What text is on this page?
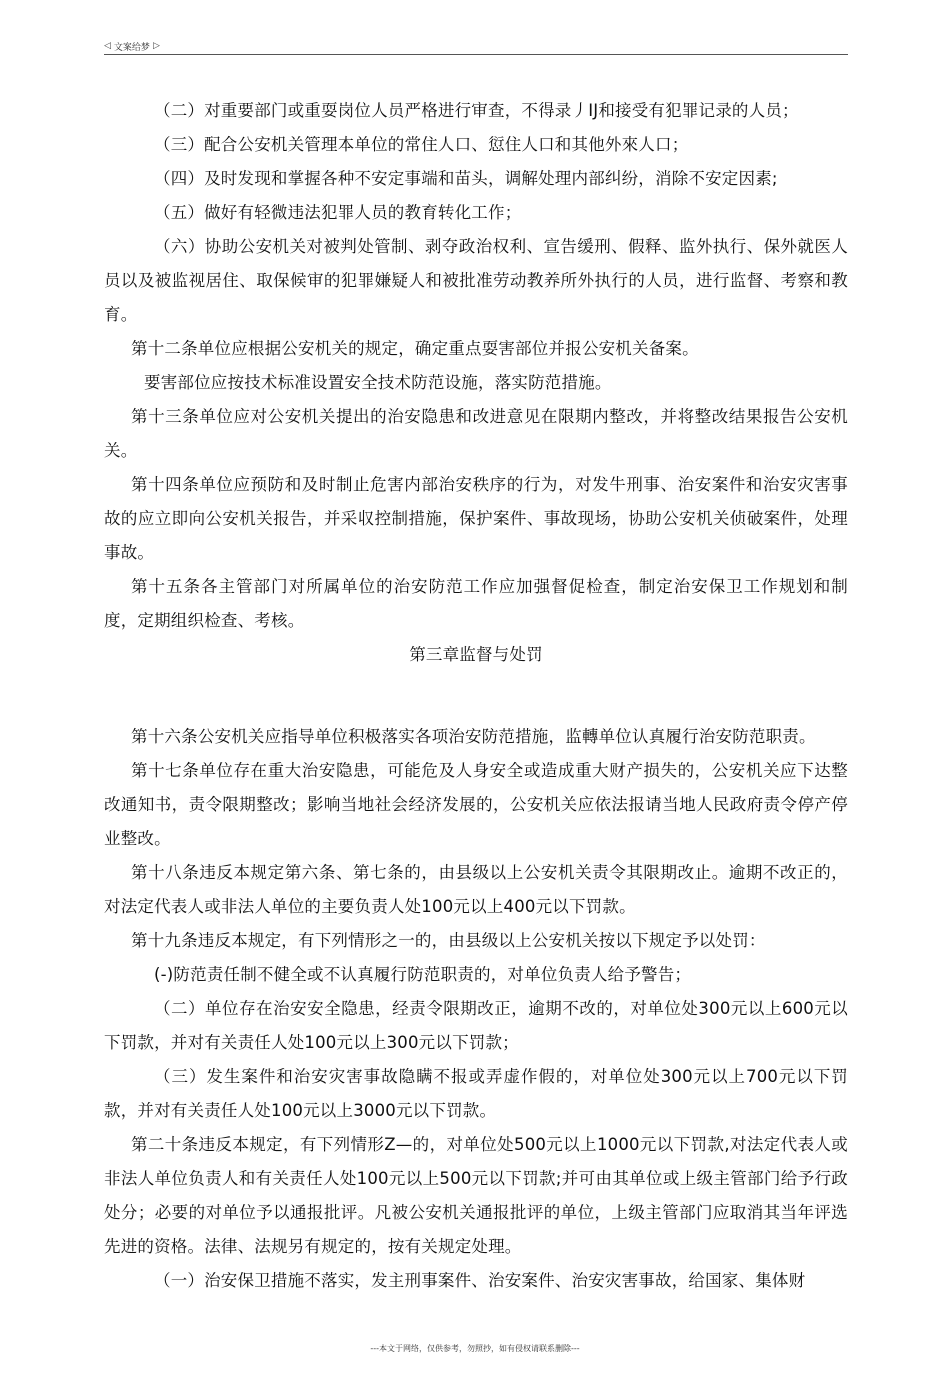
◁ 文案给梦 ▷

（二）对重要部门或重耍岗位人员严格进行审查，不得录丿IJ和接受有犯罪记录的人员；

（三）配合公安机关管理本单位的常住人口、愆住人口和其他外來人口；

（四）及时发现和掌握各种不安定事端和苗头，调解处理内部纠纷，消除不安定因素;

（五）做好有轻微违法犯罪人员的教育转化工作；

（六）协助公安机关对被判处管制、剥夺政治权利、宣告缓刑、假释、监外执行、保外就医人员以及被监视居住、取保候审的犯罪嫌疑人和被批准劳动教养所外执行的人员，进行监督、考察和教育。

第十二条单位应根据公安机关的规定，确定重点耍害部位并报公安机关备案。

要害部位应按技术标准设置安全技术防范设施，落实防范措施。

第十三条单位应对公安机关提出的治安隐患和改进意见在限期内整改，并将整改结果报告公安机关。

第十四条单位应预防和及时制止危害内部治安秩序的行为，对发牛刑事、治安案件和治安灾害事故的应立即向公安机关报告，并采収控制措施，保护案件、事故现场，协助公安机关侦破案件，处理事故。

第十五条各主管部门对所属单位的治安防范工作应加强督促检查，制定治安保卫工作规划和制度，定期组织检查、考核。

第三章监督与处罚

第十六条公安机关应指导单位积极落实各项治安防范措施，监轉单位认真履行治安防范职责。

第十七条单位存在重大治安隐患，可能危及人身安全或造成重大财产损失的，公安机关应下达整改通知书，责令限期整改；影响当地社会经济发展的，公安机关应依法报请当地人民政府责令停产停业整改。

第十八条违反本规定第六条、第七条的，由县级以上公安机关责令其限期改止。逾期不改正的，对法定代表人或非法人单位的主要负责人处100元以上400元以下罚款。

第十九条违反本规定，有下列情形之一的，由县级以上公安机关按以下规定予以处罚：

(-)防范责任制不健全或不认真履行防范职责的，对单位负责人给予警告；

（二）单位存在治安安全隐患，经责令限期改正，逾期不改的，对单位处300元以上600元以下罚款，并对有关责任人处100元以上300元以下罚款；

（三）发生案件和治安灾害事故隐瞒不报或弄虚作假的，对单位处300元以上700元以下罚款，并对有关责任人处100元以上3000元以下罚款。

第二十条违反本规定，有下列情形Z—的，对单位处500元以上1000元以下罚款,对法定代表人或非法人单位负责人和有关责任人处100元以上500元以下罚款;并可由其单位或上级主管部门给予行政处分；必要的对单位予以通报批评。凡被公安机关通报批评的单位，上级主管部门应取消其当年评选先进的资格。法律、法规另有规定的，按有关规定处理。

（一）治安保卫措施不落实，发主刑事案件、治安案件、治安灾害事故，给国家、集体财

---本文于网络，仅供参考，勿照抄，如有侵权请联系删除---
